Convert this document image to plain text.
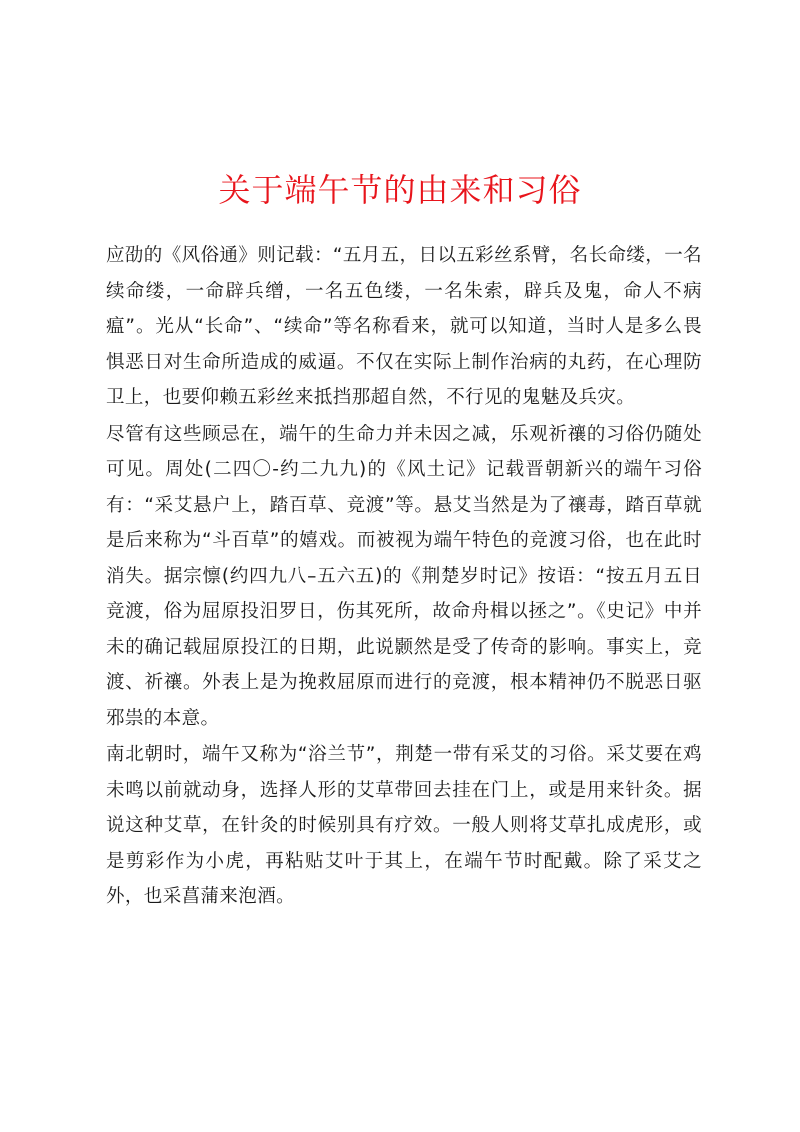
关于端午节的由来和习俗

应劭的《风俗通》则记载：“五月五，日以五彩丝系臂，名长命缕，一名续命缕，一命辟兵缯，一名五色缕，一名朱索，辟兵及鬼，命人不病瘟”。光从“长命”、“续命”等名称看来，就可以知道，当时人是多么畏惧恶日对生命所造成的威逼。不仅在实际上制作治病的丸药，在心理防卫上，也要仰赖五彩丝来抵挡那超自然，不行见的鬼魅及兵灾。

尽管有这些顾忌在，端午的生命力并未因之减，乐观祈禳的习俗仍随处可见。周处(二四〇-约二九九)的《风土记》记载晋朝新兴的端午习俗有：“采艾悬户上，踏百草、竞渡”等。悬艾当然是为了禳毒，踏百草就是后来称为“斗百草”的嬉戏。而被视为端午特色的竞渡习俗，也在此时消失。据宗懔(约四九八–五六五)的《荆楚岁时记》按语：“按五月五日竞渡，俗为屈原投汨罗日，伤其死所，故命舟楫以拯之”。《史记》中并未的确记载屈原投江的日期，此说颢然是受了传奇的影响。事实上，竞渡、祈禳。外表上是为挽救屈原而进行的竞渡，根本精神仍不脱恶日驱邪祟的本意。

南北朝时，端午又称为“浴兰节”，荆楚一带有采艾的习俗。采艾要在鸡未鸣以前就动身，选择人形的艾草带回去挂在门上，或是用来针灸。据说这种艾草，在针灸的时候别具有疗效。一般人则将艾草扎成虎形，或是剪彩作为小虎，再粘贴艾叶于其上，在端午节时配戴。除了采艾之外，也采菖蒲来泡酒。
